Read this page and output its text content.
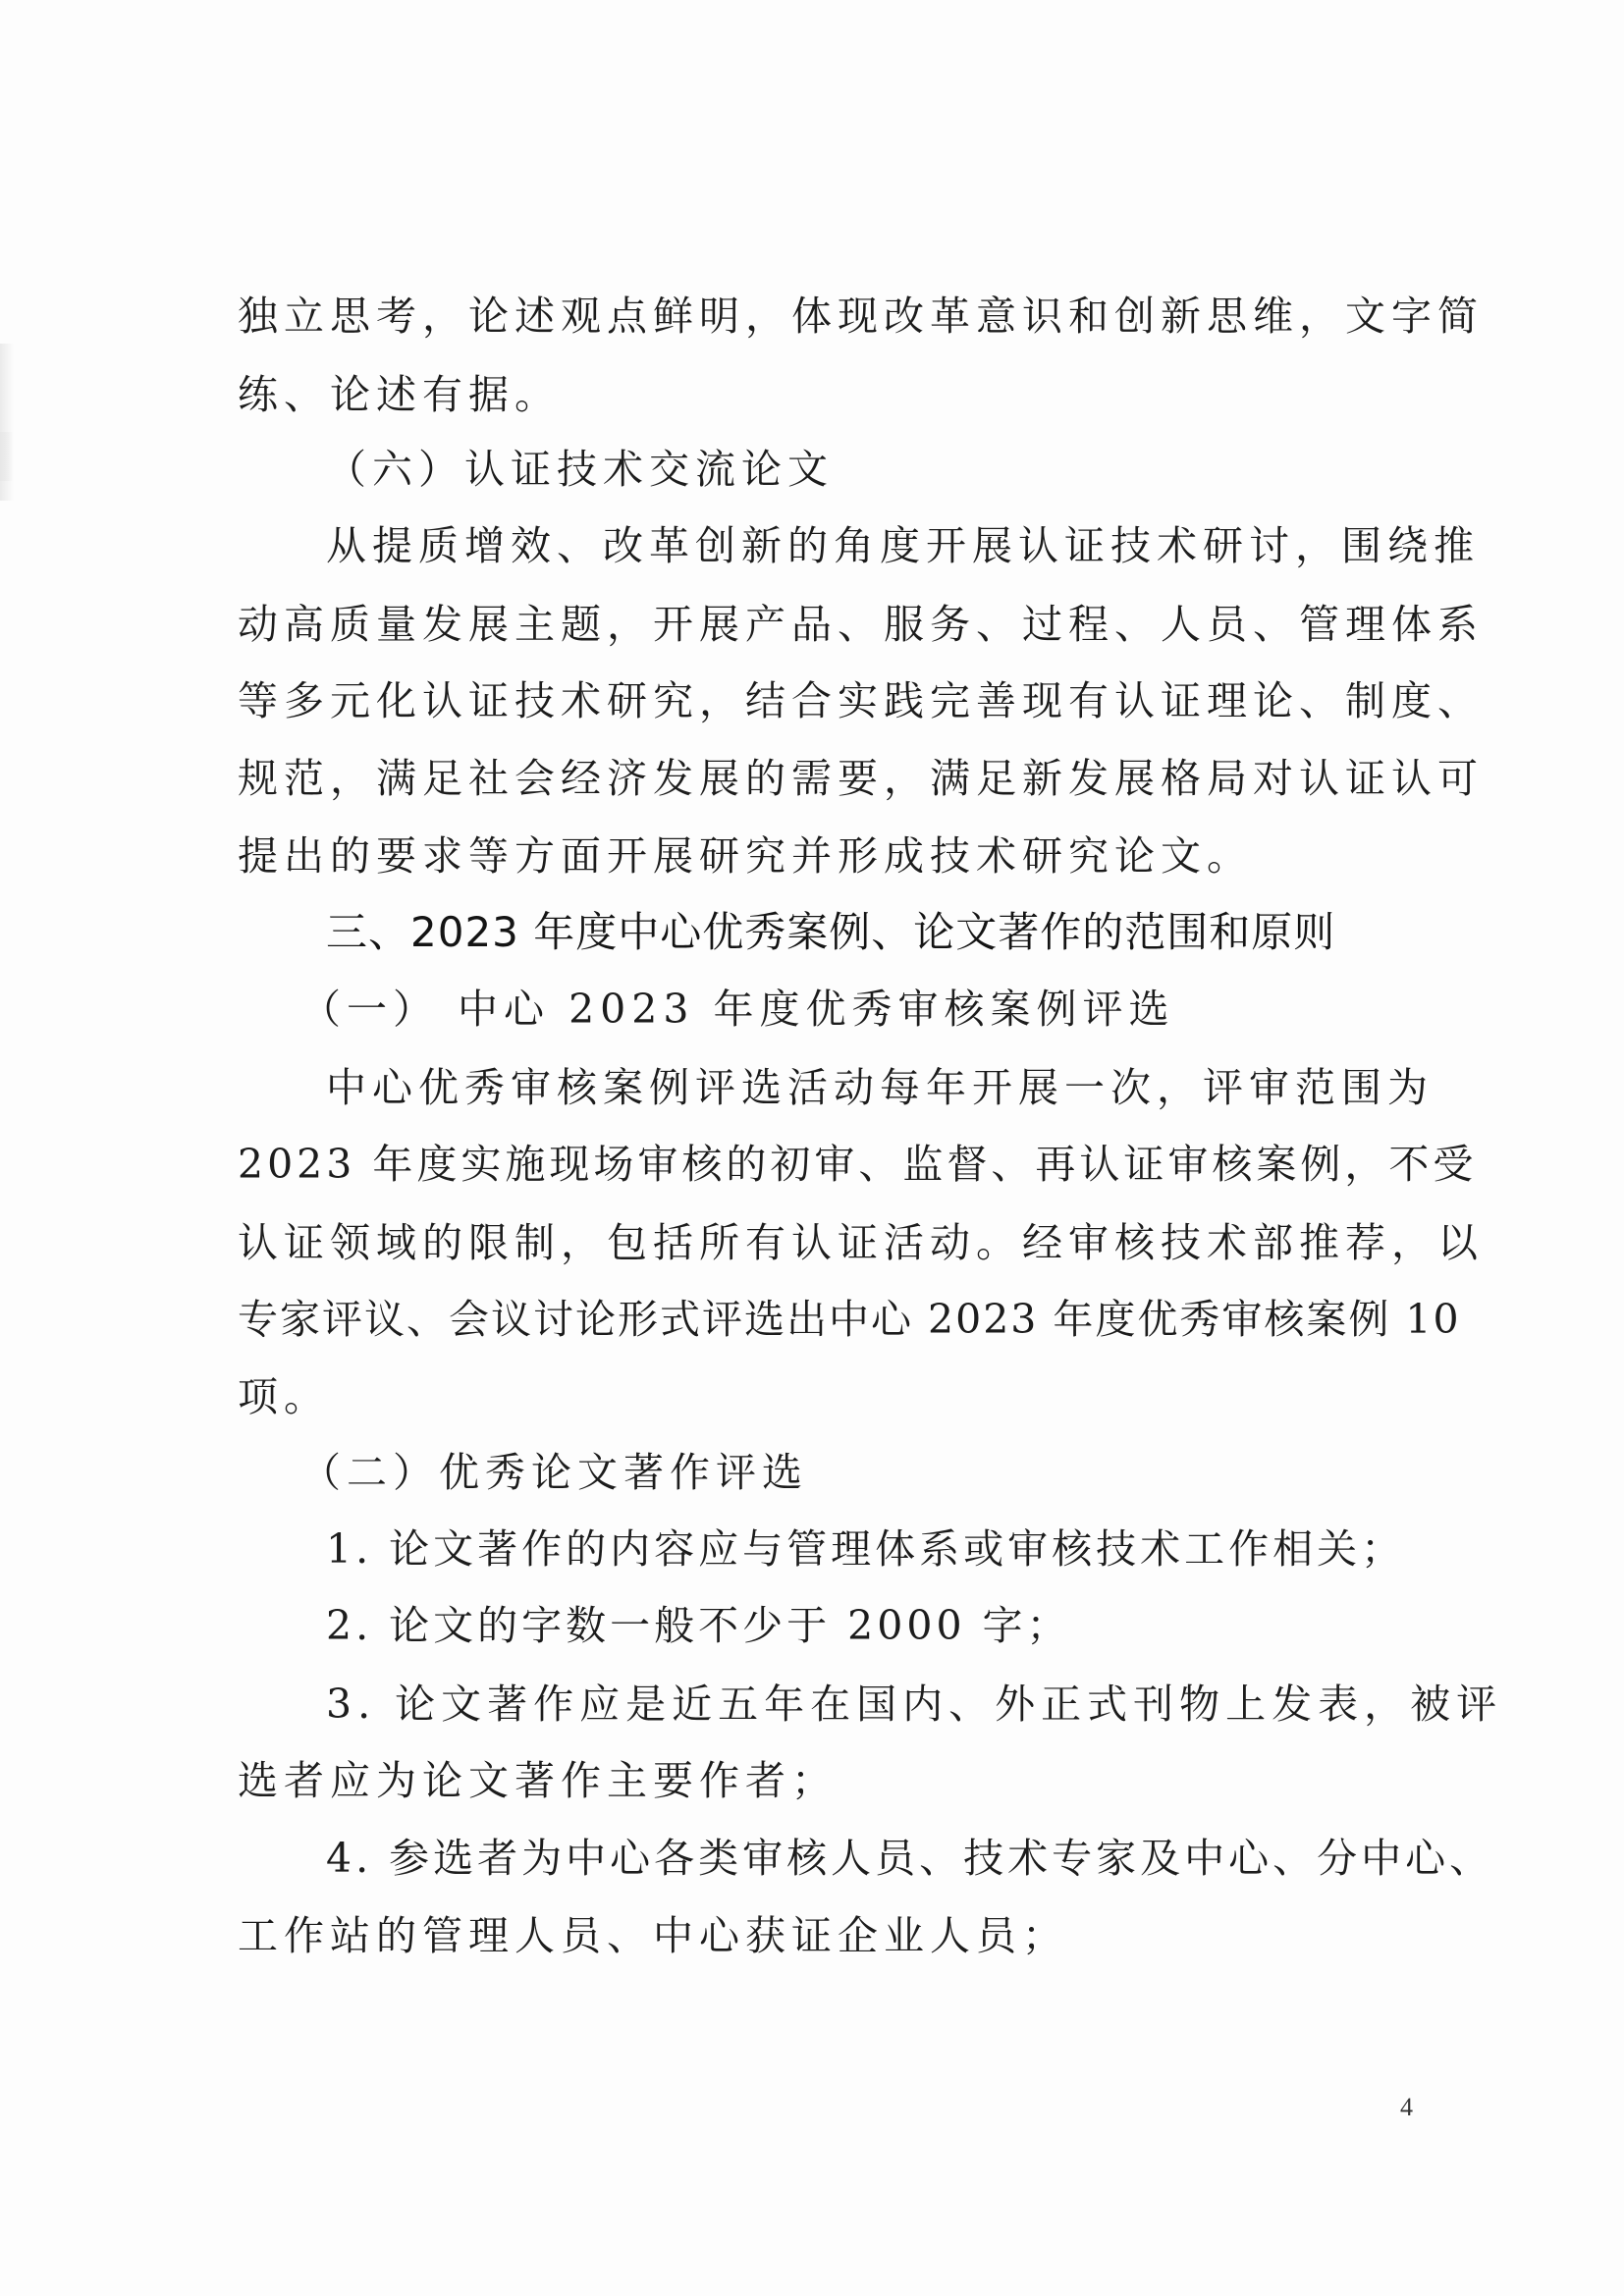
独立思考，论述观点鲜明，体现改革意识和创新思维，文字简
练、论述有据。
（六）认证技术交流论文
从提质增效、改革创新的角度开展认证技术研讨，围绕推
动高质量发展主题，开展产品、服务、过程、人员、管理体系
等多元化认证技术研究，结合实践完善现有认证理论、制度、
规范，满足社会经济发展的需要，满足新发展格局对认证认可
提出的要求等方面开展研究并形成技术研究论文。
三、2023 年度中心优秀案例、论文著作的范围和原则
（一） 中心 2023 年度优秀审核案例评选
中心优秀审核案例评选活动每年开展一次，评审范围为
2023 年度实施现场审核的初审、监督、再认证审核案例，不受
认证领域的限制，包括所有认证活动。经审核技术部推荐，以
专家评议、会议讨论形式评选出中心 2023 年度优秀审核案例 10
项。
（二）优秀论文著作评选
1. 论文著作的内容应与管理体系或审核技术工作相关；
2. 论文的字数一般不少于 2000 字；
3. 论文著作应是近五年在国内、外正式刊物上发表，被评
选者应为论文著作主要作者；
4. 参选者为中心各类审核人员、技术专家及中心、分中心、
工作站的管理人员、中心获证企业人员；
4
